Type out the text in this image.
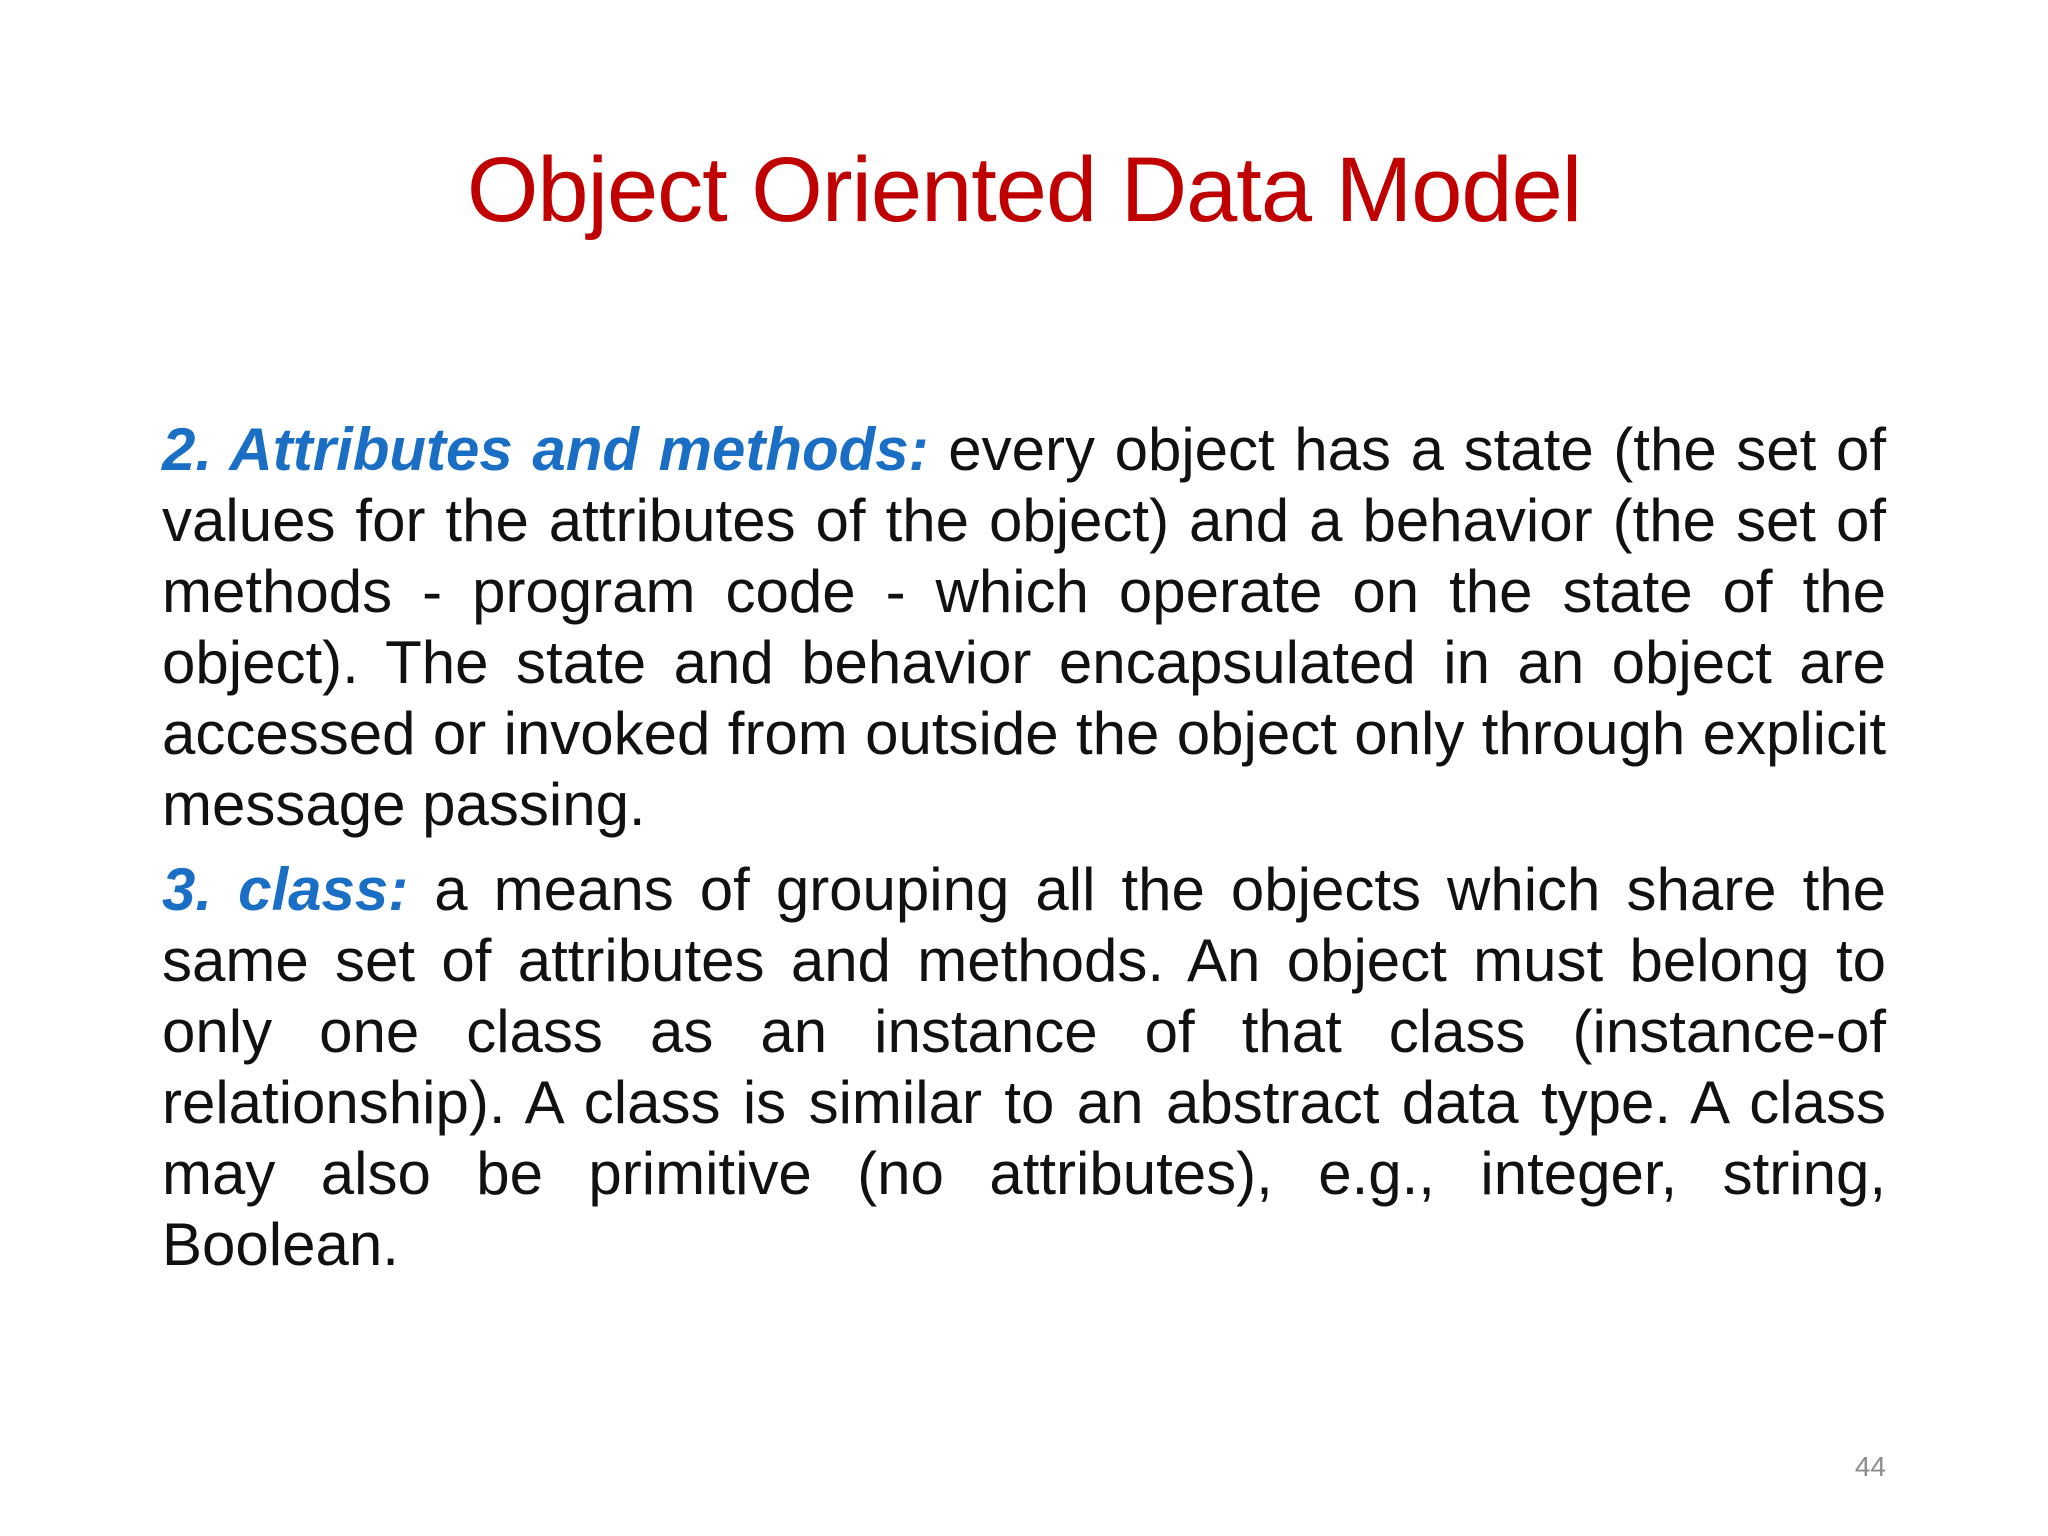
Object Oriented Data Model

2. Attributes and methods: every object has a state (the set of values for the attributes of the object) and a behavior (the set of methods - program code - which operate on the state of the object). The state and behavior encapsulated in an object are accessed or invoked from outside the object only through explicit message passing.

3. class: a means of grouping all the objects which share the same set of attributes and methods. An object must belong to only one class as an instance of that class (instance-of relationship). A class is similar to an abstract data type. A class may also be primitive (no attributes), e.g., integer, string, Boolean.

44
